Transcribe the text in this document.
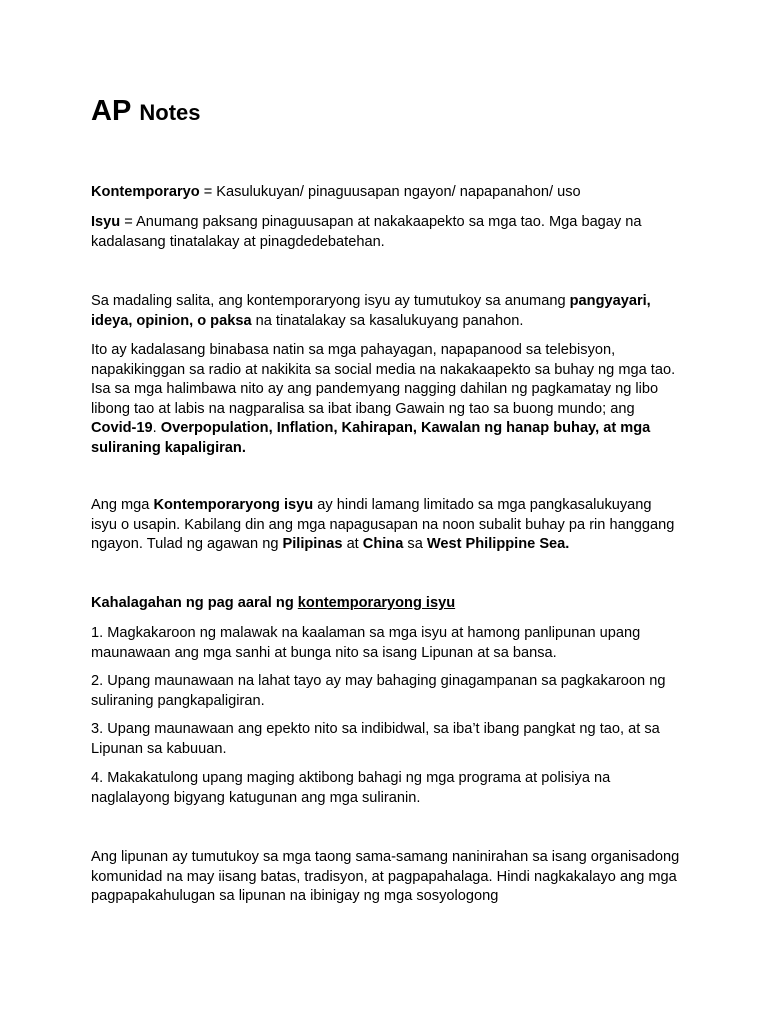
AP Notes

Kontemporaryo = Kasulukuyan/ pinaguusapan ngayon/ napapanahon/ uso

Isyu = Anumang paksang pinaguusapan at nakakaapekto sa mga tao. Mga bagay na kadalasang tinatalakay at pinagdedebatehan.

Sa madaling salita, ang kontemporaryong isyu ay tumutukoy sa anumang pangyayari, ideya, opinion, o paksa na tinatalakay sa kasalukuyang panahon.

Ito ay kadalasang binabasa natin sa mga pahayagan, napapanood sa telebisyon, napakikinggan sa radio at nakikita sa social media na nakakaapekto sa buhay ng mga tao. Isa sa mga halimbawa nito ay ang pandemyang nagging dahilan ng pagkamatay ng libo libong tao at labis na nagparalisa sa ibat ibang Gawain ng tao sa buong mundo; ang Covid-19. Overpopulation, Inflation, Kahirapan, Kawalan ng hanap buhay, at mga suliraning kapaligiran.

Ang mga Kontemporaryong isyu ay hindi lamang limitado sa mga pangkasalukuyang isyu o usapin. Kabilang din ang mga napagusapan na noon subalit buhay pa rin hanggang ngayon. Tulad ng agawan ng Pilipinas at China sa West Philippine Sea.

Kahalagahan ng pag aaral ng kontemporaryong isyu

1. Magkakaroon ng malawak na kaalaman sa mga isyu at hamong panlipunan upang maunawaan ang mga sanhi at bunga nito sa isang Lipunan at sa bansa.

2. Upang maunawaan na lahat tayo ay may bahaging ginagampanan sa pagkakaroon ng suliraning pangkapaligiran.

3. Upang maunawaan ang epekto nito sa indibidwal, sa iba’t ibang pangkat ng tao, at sa Lipunan sa kabuuan.

4. Makakatulong upang maging aktibong bahagi ng mga programa at polisiya na naglalayong bigyang katugunan ang mga suliranin.

Ang lipunan ay tumutukoy sa mga taong sama-samang naninirahan sa isang organisadong komunidad na may iisang batas, tradisyon, at pagpapahalaga. Hindi nagkakalayo ang mga pagpapakahulugan sa lipunan na ibinigay ng mga sosyologong
